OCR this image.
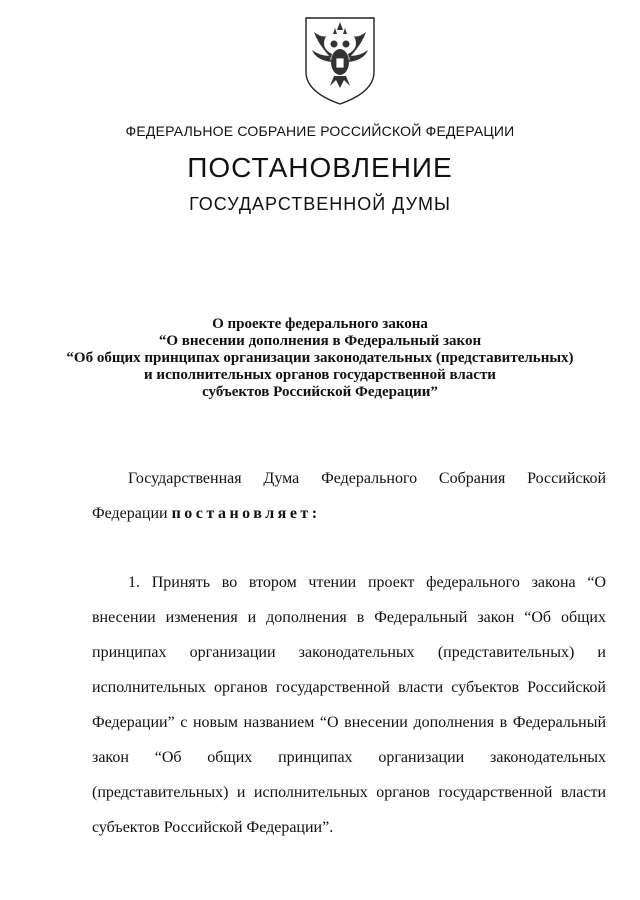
ФЕДЕРАЛЬНОЕ СОБРАНИЕ РОССИЙСКОЙ ФЕДЕРАЦИИ
ПОСТАНОВЛЕНИЕ
ГОСУДАРСТВЕННОЙ ДУМЫ
О проекте федерального закона
“О внесении дополнения в Федеральный закон
“Об общих принципах организации законодательных (представительных)
и исполнительных органов государственной власти
субъектов Российской Федерации”
Государственная Дума Федерального Собрания Российской
Федерации постановляет:
1. Принять во втором чтении проект федерального закона “О
внесении изменения и дополнения в Федеральный закон “Об общих
принципах организации законодательных (представительных) и
исполнительных органов государственной власти субъектов Российской
Федерации” с новым названием “О внесении дополнения в Федеральный
закон “Об общих принципах организации законодательных
(представительных) и исполнительных органов государственной власти
субъектов Российской Федерации”.
